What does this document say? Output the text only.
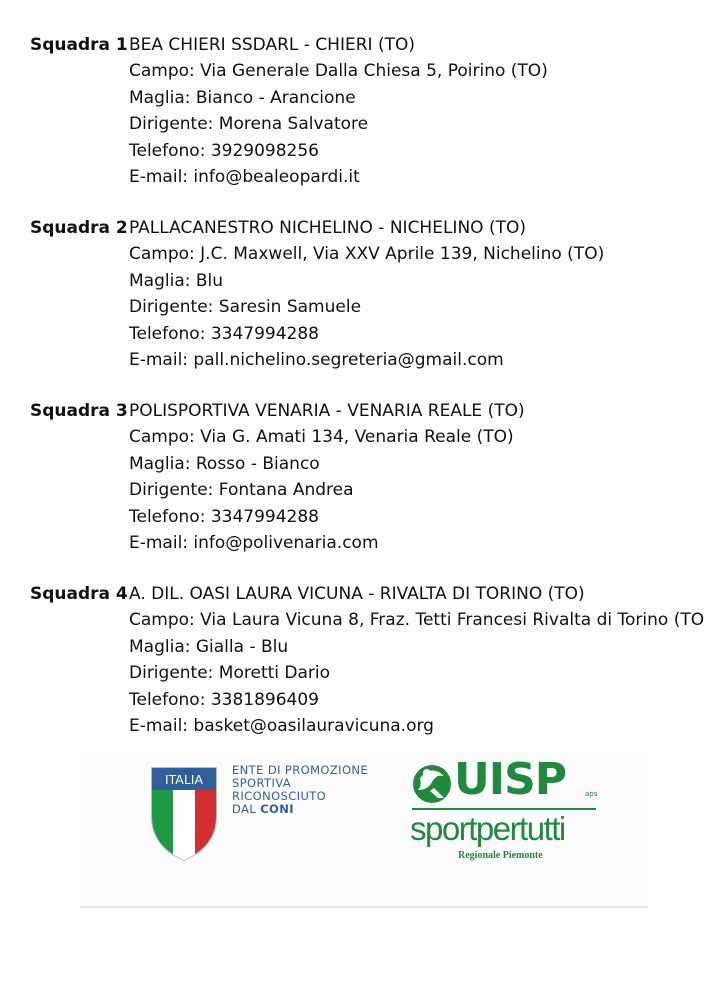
Squadra 1BEA CHIERI SSDARL - CHIERI (TO)
Campo: Via Generale Dalla Chiesa 5, Poirino (TO)
Maglia: Bianco - Arancione
Dirigente: Morena Salvatore
Telefono: 3929098256
E-mail: info@bealeopardi.it
Squadra 2PALLACANESTRO NICHELINO - NICHELINO (TO)
Campo: J.C. Maxwell, Via XXV Aprile 139, Nichelino (TO)
Maglia: Blu
Dirigente: Saresin Samuele
Telefono: 3347994288
E-mail: pall.nichelino.segreteria@gmail.com
Squadra 3POLISPORTIVA VENARIA - VENARIA REALE (TO)
Campo: Via G. Amati 134, Venaria Reale (TO)
Maglia: Rosso - Bianco
Dirigente: Fontana Andrea
Telefono: 3347994288
E-mail: info@polivenaria.com
Squadra 4A. DIL. OASI LAURA VICUNA - RIVALTA DI TORINO (TO)
Campo: Via Laura Vicuna 8, Fraz. Tetti Francesi Rivalta di Torino (TO
Maglia: Gialla - Blu
Dirigente: Moretti Dario
Telefono: 3381896409
E-mail: basket@oasilauravicuna.org
ITALIA
ENTE DI PROMOZIONE
SPORTIVA
RICONOSCIUTO
DAL CONI
UISP	aps
sportpertutti
Regionale Piemonte
